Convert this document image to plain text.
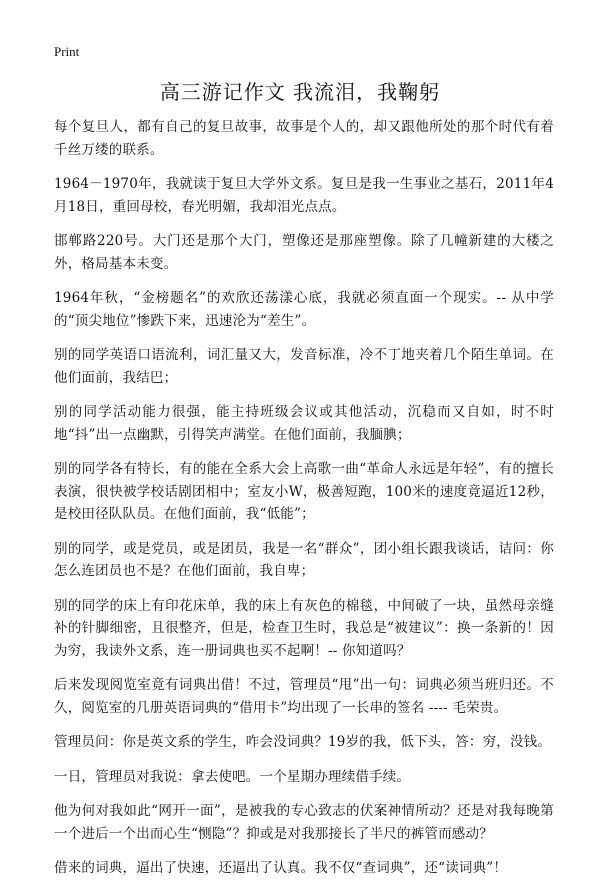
Print
高三游记作文 我流泪，我鞠躬

每个复旦人，都有自己的复旦故事，故事是个人的，却又跟他所处的那个时代有着千丝万缕的联系。

1964－1970年，我就读于复旦大学外文系。复旦是我一生事业之基石，2011年4月18日，重回母校，春光明媚，我却泪光点点。

邯郸路220号。大门还是那个大门，塑像还是那座塑像。除了几幢新建的大楼之外，格局基本未变。

1964年秋，“金榜题名”的欢欣还荡漾心底，我就必须直面一个现实。-- 从中学的“顶尖地位”惨跌下来，迅速沦为“差生”。

别的同学英语口语流利，词汇量又大，发音标准，冷不丁地夹着几个陌生单词。在他们面前，我结巴；

别的同学活动能力很强，能主持班级会议或其他活动，沉稳而又自如，时不时地“抖”出一点幽默，引得笑声满堂。在他们面前，我腼腆；

别的同学各有特长，有的能在全系大会上高歌一曲“革命人永远是年轻”，有的擅长表演，很快被学校话剧团相中；室友小W，极善短跑，100米的速度竟逼近12秒，是校田径队队员。在他们面前，我“低能”；

别的同学，或是党员，或是团员，我是一名“群众”，团小组长跟我谈话，诘问：你怎么连团员也不是？在他们面前，我自卑；

别的同学的床上有印花床单，我的床上有灰色的棉毯，中间破了一块，虽然母亲缝补的针脚细密，且很整齐，但是，检查卫生时，我总是“被建议”：换一条新的！因为穷，我读外文系，连一册词典也买不起啊！-- 你知道吗？

后来发现阅览室竟有词典出借！不过，管理员“甩”出一句：词典必须当班归还。不久，阅览室的几册英语词典的“借用卡”均出现了一长串的签名 ---- 毛荣贵。

管理员问：你是英文系的学生，咋会没词典？19岁的我，低下头，答：穷，没钱。

一日，管理员对我说：拿去使吧。一个星期办理续借手续。

他为何对我如此“网开一面”，是被我的专心致志的伏案神情所动？还是对我每晚第一个进后一个出而心生“恻隐”？抑或是对我那接长了半尺的裤管而感动？

借来的词典，逼出了快速，还逼出了认真。我不仅“查词典”，还“读词典”！
